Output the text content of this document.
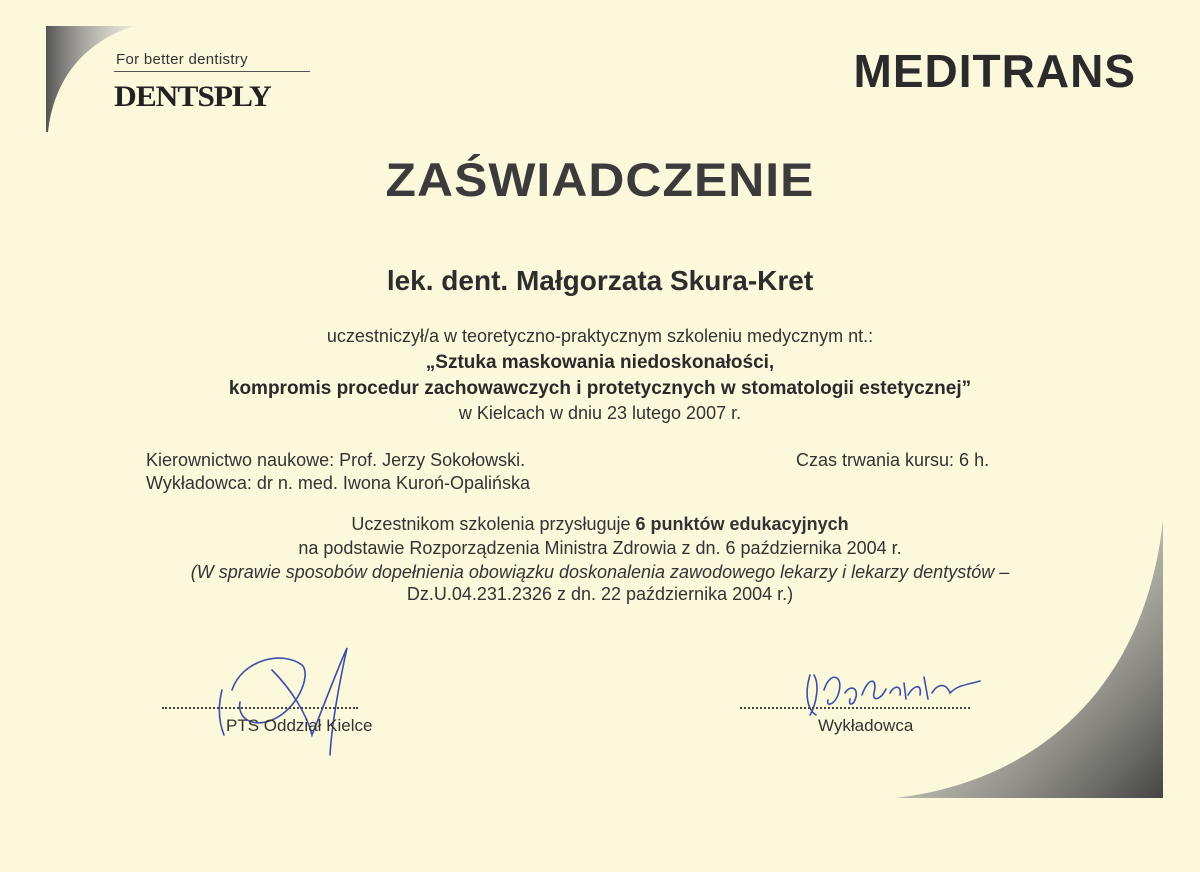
For better dentistry
DENTSPLY	MEDITRANS
ZAŚWIADCZENIE
lek. dent. Małgorzata Skura-Kret
uczestniczył/a w teoretyczno-praktycznym szkoleniu medycznym nt.:
„Sztuka maskowania niedoskonałości,
kompromis procedur zachowawczych i protetycznych w stomatologii estetycznej”
w Kielcach w dniu 23 lutego 2007 r.
Kierownictwo naukowe: Prof. Jerzy Sokołowski.
Wykładowca: dr n. med. Iwona Kuroń-Opalińska
Czas trwania kursu: 6 h.
Uczestnikom szkolenia przysługuje 6 punktów edukacyjnych
na podstawie Rozporządzenia Ministra Zdrowia z dn. 6 października 2004 r.
(W sprawie sposobów dopełnienia obowiązku doskonalenia zawodowego lekarzy i lekarzy dentystów –
Dz.U.04.231.2326 z dn. 22 października 2004 r.)
PTS Oddział Kielce	Wykładowca
